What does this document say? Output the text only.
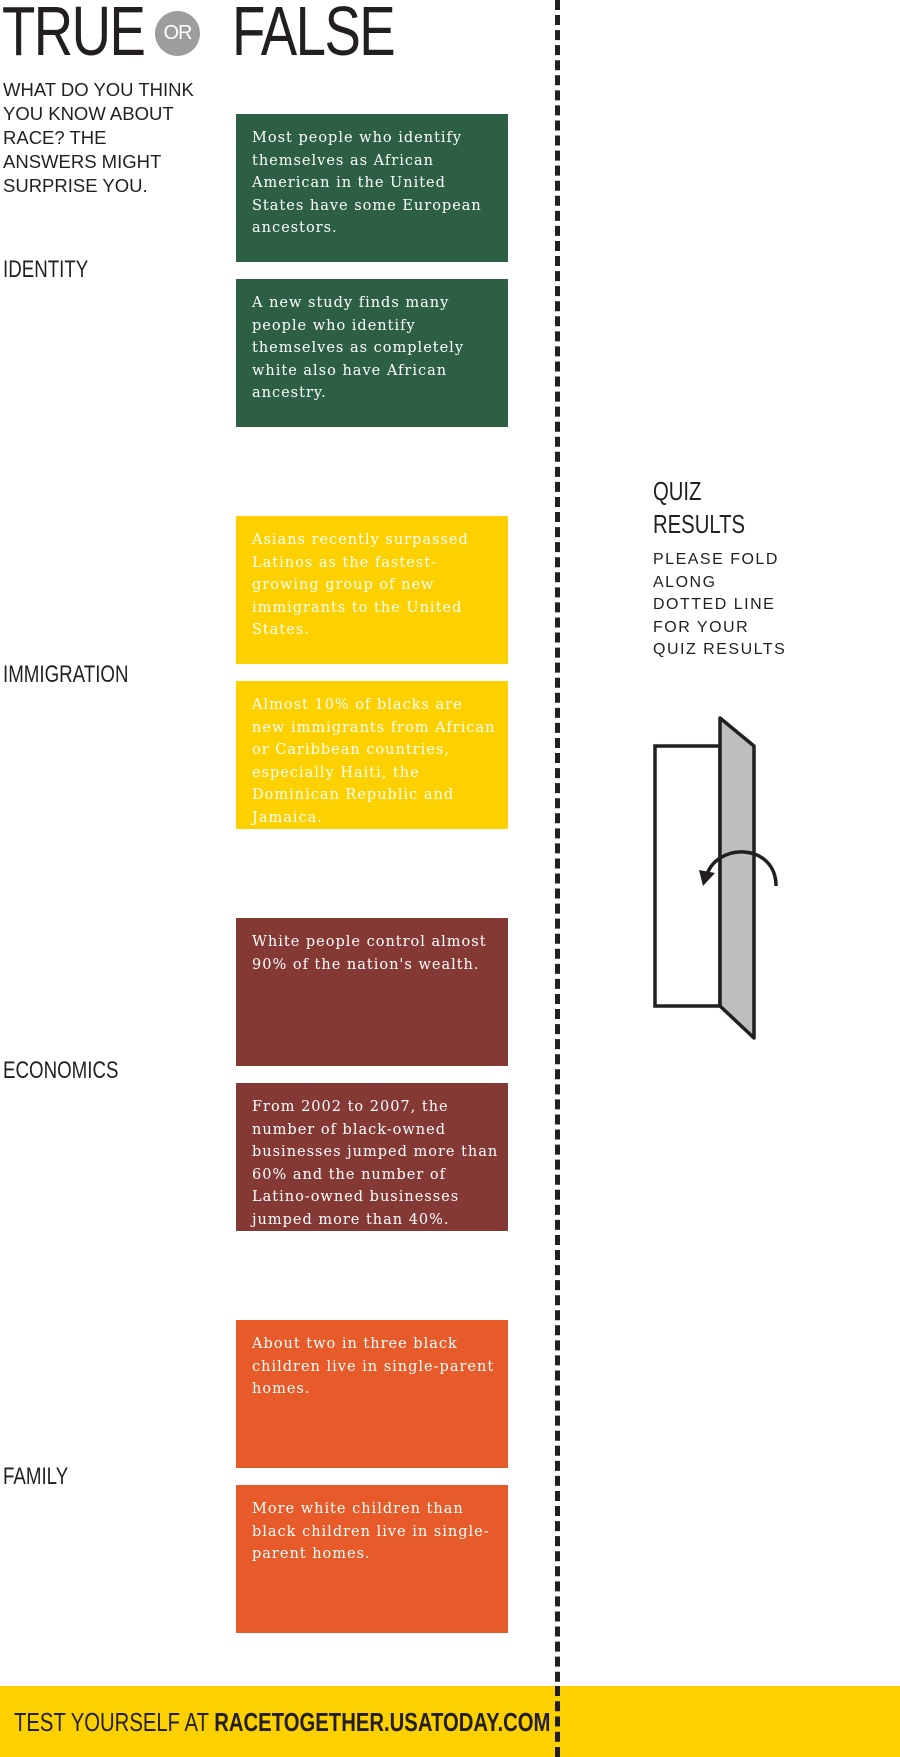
TRUE OR FALSE
WHAT DO YOU THINK YOU KNOW ABOUT RACE? THE ANSWERS MIGHT SURPRISE YOU.
IDENTITY
IMMIGRATION
ECONOMICS
FAMILY
Most people who identify themselves as African American in the United States have some European ancestors.
A new study finds many people who identify themselves as completely white also have African ancestry.
Asians recently surpassed Latinos as the fastest-growing group of new immigrants to the United States.
Almost 10% of blacks are new immigrants from African or Caribbean countries, especially Haiti, the Dominican Republic and Jamaica.
White people control almost 90% of the nation's wealth.
From 2002 to 2007, the number of black-owned businesses jumped more than 60% and the number of Latino-owned businesses jumped more than 40%.
About two in three black children live in single-parent homes.
More white children than black children live in single-parent homes.
QUIZ
RESULTS
PLEASE FOLD ALONG DOTTED LINE FOR YOUR QUIZ RESULTS
TEST YOURSELF AT RACETOGETHER.USATODAY.COM
